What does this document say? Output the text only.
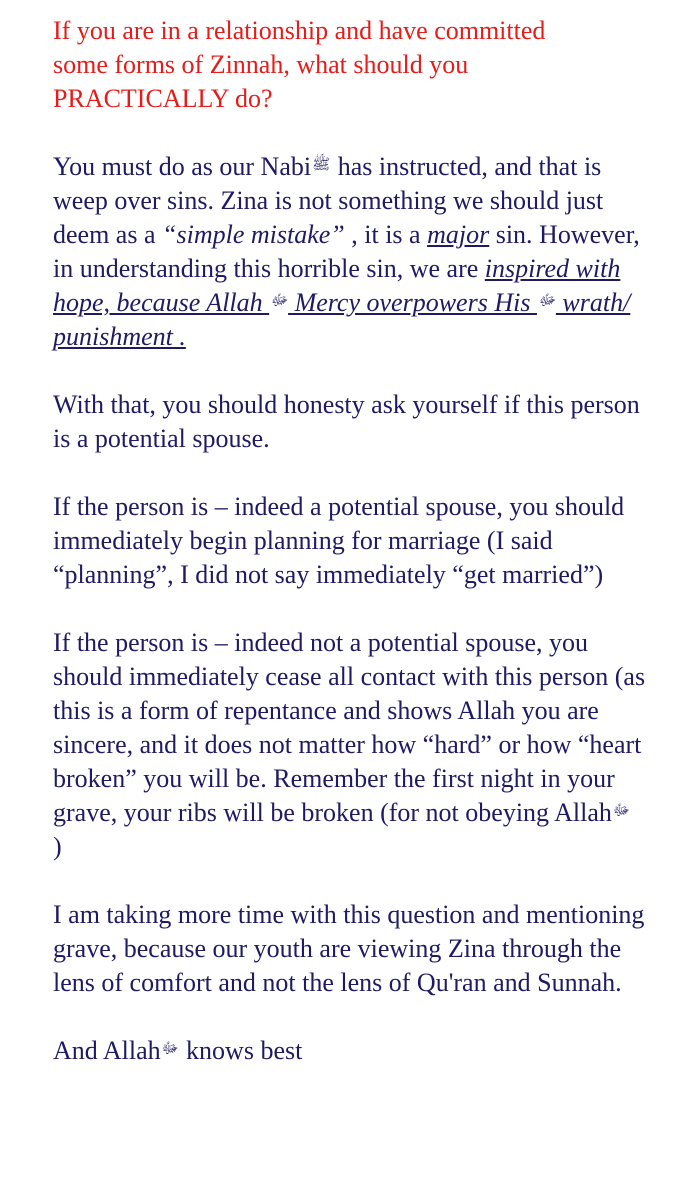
If you are in a relationship and have committed
some forms of Zinnah, what should you
PRACTICALLY do?

You must do as our Nabiﷺ has instructed, and that is weep over sins. Zina is not something we should just deem as a “simple mistake” , it is a major sin. However, in understanding this horrible sin, we are inspired with hope, because Allah ﷻ Mercy overpowers His ﷻ wrath/ punishment .

With that, you should honesty ask yourself if this person is a potential spouse.

If the person is – indeed a potential spouse, you should immediately begin planning for marriage (I said “planning”, I did not say immediately “get married”)

If the person is – indeed not a potential spouse, you should immediately cease all contact with this person (as this is a form of repentance and shows Allah you are sincere, and it does not matter how “hard” or how “heart broken” you will be. Remember the first night in your grave, your ribs will be broken (for not obeying Allahﷻ
)

I am taking more time with this question and mentioning grave, because our youth are viewing Zina through the lens of comfort and not the lens of Qu'ran and Sunnah.

And Allahﷻ knows best
